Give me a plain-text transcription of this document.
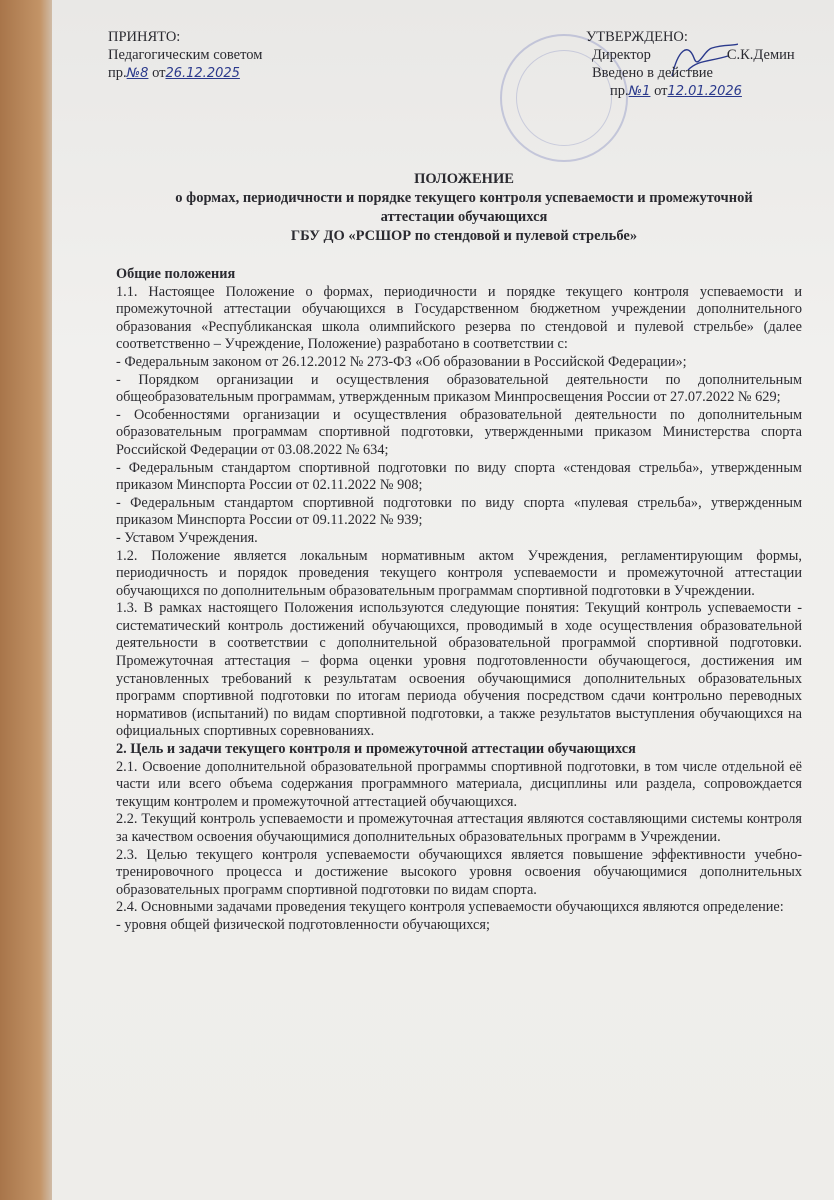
ПРИНЯТО:
Педагогическим советом
пр.№8 от26.12.2025
УТВЕРЖДЕНО:
Директор	С.К.Демин
Введено в действие
пр.№1 от12.01.2026
ПОЛОЖЕНИЕ
о формах, периодичности и порядке текущего контроля успеваемости и промежуточной
аттестации обучающихся
ГБУ ДО «РСШОР по стендовой и пулевой стрельбе»

Общие положения

1.1. Настоящее Положение о формах, периодичности и порядке текущего контроля успеваемости и промежуточной аттестации обучающихся в Государственном бюджетном учреждении дополнительного образования «Республиканская школа олимпийского резерва по стендовой и пулевой стрельбе» (далее соответственно – Учреждение, Положение) разработано в соответствии с:

- Федеральным законом от 26.12.2012 № 273-ФЗ «Об образовании в Российской Федерации»;

- Порядком организации и осуществления образовательной деятельности по дополнительным общеобразовательным программам, утвержденным приказом Минпросвещения России от 27.07.2022 № 629;

- Особенностями организации и осуществления образовательной деятельности по дополнительным образовательным программам спортивной подготовки, утвержденными приказом Министерства спорта Российской Федерации от 03.08.2022 № 634;

- Федеральным стандартом спортивной подготовки по виду спорта «стендовая стрельба», утвержденным приказом Минспорта России от 02.11.2022 № 908;

- Федеральным стандартом спортивной подготовки по виду спорта «пулевая стрельба», утвержденным приказом Минспорта России от 09.11.2022 № 939;

- Уставом Учреждения.

1.2. Положение является локальным нормативным актом Учреждения, регламентирующим формы, периодичность и порядок проведения текущего контроля успеваемости и промежуточной аттестации обучающихся по дополнительным образовательным программам спортивной подготовки в Учреждении.

1.3. В рамках настоящего Положения используются следующие понятия: Текущий контроль успеваемости - систематический контроль достижений обучающихся, проводимый в ходе осуществления образовательной деятельности в соответствии с дополнительной образовательной программой спортивной подготовки. Промежуточная аттестация – форма оценки уровня подготовленности обучающегося, достижения им установленных требований к результатам освоения обучающимися дополнительных образовательных программ спортивной подготовки по итогам периода обучения посредством сдачи контрольно переводных нормативов (испытаний) по видам спортивной подготовки, а также результатов выступления обучающихся на официальных спортивных соревнованиях.

2. Цель и задачи текущего контроля и промежуточной аттестации обучающихся

2.1. Освоение дополнительной образовательной программы спортивной подготовки, в том числе отдельной её части или всего объема содержания программного материала, дисциплины или раздела, сопровождается текущим контролем и промежуточной аттестацией обучающихся.

2.2. Текущий контроль успеваемости и промежуточная аттестация являются составляющими системы контроля за качеством освоения обучающимися дополнительных образовательных программ в Учреждении.

2.3. Целью текущего контроля успеваемости обучающихся является повышение эффективности учебно-тренировочного процесса и достижение высокого уровня освоения обучающимися дополнительных образовательных программ спортивной подготовки по видам спорта.

2.4. Основными задачами проведения текущего контроля успеваемости обучающихся являются определение:

- уровня общей физической подготовленности обучающихся;
